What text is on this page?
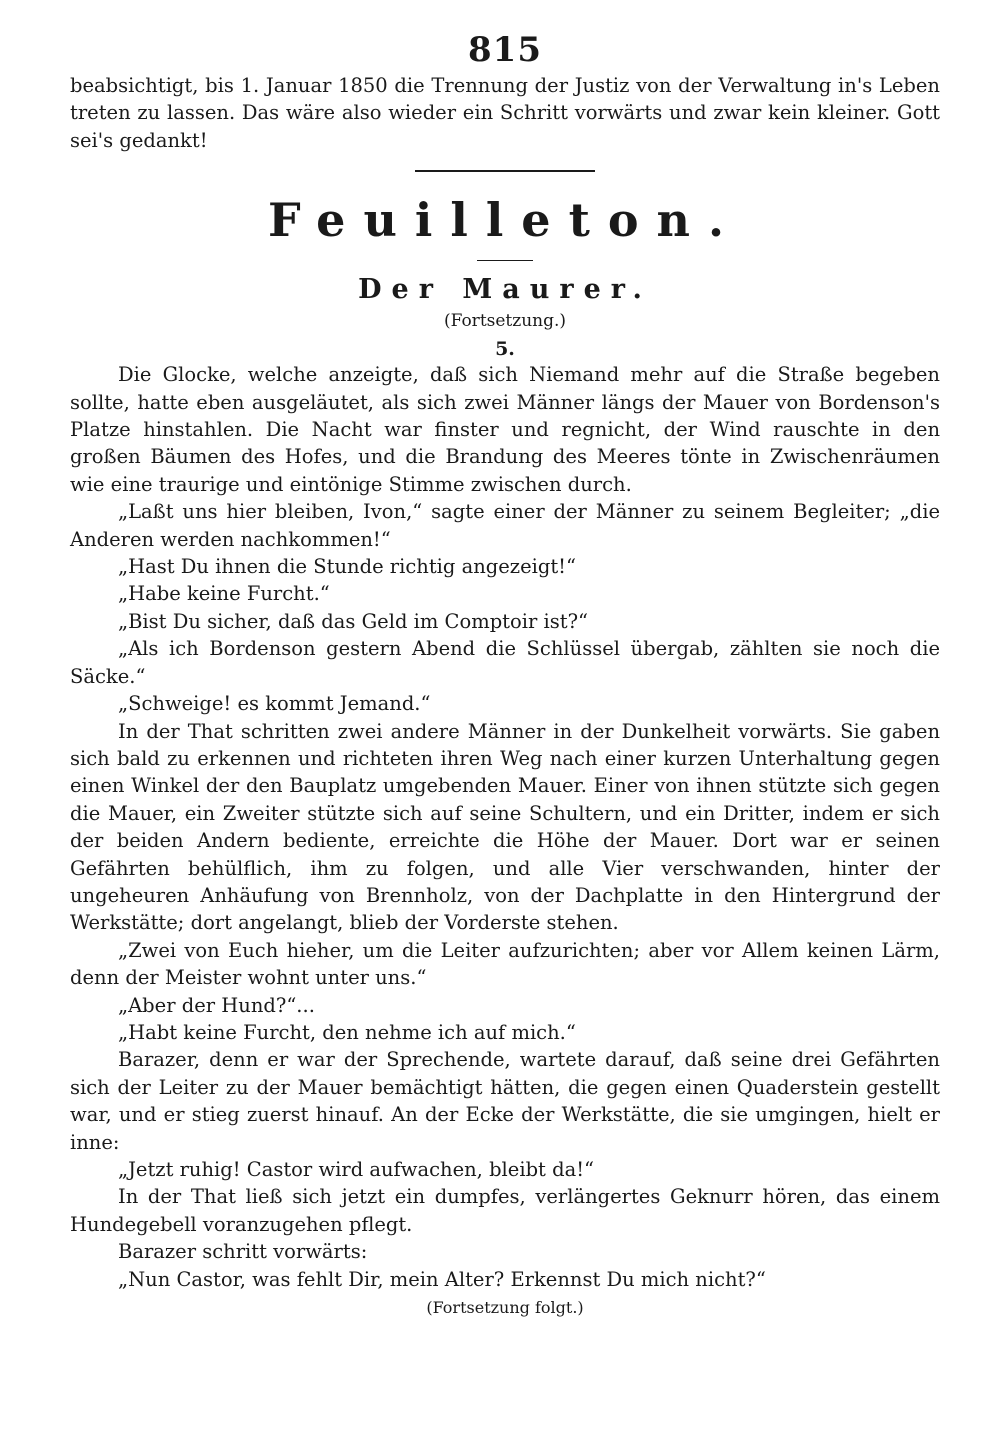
815

beabsichtigt, bis 1. Januar 1850 die Trennung der Justiz von der Verwaltung in's Leben treten zu lassen. Das wäre also wieder ein Schritt vorwärts und zwar kein kleiner. Gott sei's gedankt!

Feuilleton.
Der Maurer.
(Fortsetzung.)
5.

Die Glocke, welche anzeigte, daß sich Niemand mehr auf die Straße begeben sollte, hatte eben ausgeläutet, als sich zwei Männer längs der Mauer von Bordenson's Platze hinstahlen. Die Nacht war finster und regnicht, der Wind rauschte in den großen Bäumen des Hofes, und die Brandung des Meeres tönte in Zwischenräumen wie eine traurige und eintönige Stimme zwischen durch.

„Laßt uns hier bleiben, Ivon,“ sagte einer der Männer zu seinem Begleiter; „die Anderen werden nachkommen!“

„Hast Du ihnen die Stunde richtig angezeigt!“

„Habe keine Furcht.“

„Bist Du sicher, daß das Geld im Comptoir ist?“

„Als ich Bordenson gestern Abend die Schlüssel übergab, zählten sie noch die Säcke.“

„Schweige! es kommt Jemand.“

In der That schritten zwei andere Männer in der Dunkelheit vorwärts. Sie gaben sich bald zu erkennen und richteten ihren Weg nach einer kurzen Unterhaltung gegen einen Winkel der den Bauplatz umgebenden Mauer. Einer von ihnen stützte sich gegen die Mauer, ein Zweiter stützte sich auf seine Schultern, und ein Dritter, indem er sich der beiden Andern bediente, erreichte die Höhe der Mauer. Dort war er seinen Gefährten behülflich, ihm zu folgen, und alle Vier verschwanden, hinter der ungeheuren Anhäufung von Brennholz, von der Dachplatte in den Hintergrund der Werkstätte; dort angelangt, blieb der Vorderste stehen.

„Zwei von Euch hieher, um die Leiter aufzurichten; aber vor Allem keinen Lärm, denn der Meister wohnt unter uns.“

„Aber der Hund?“...

„Habt keine Furcht, den nehme ich auf mich.“

Barazer, denn er war der Sprechende, wartete darauf, daß seine drei Gefährten sich der Leiter zu der Mauer bemächtigt hätten, die gegen einen Quaderstein gestellt war, und er stieg zuerst hinauf. An der Ecke der Werkstätte, die sie umgingen, hielt er inne:

„Jetzt ruhig! Castor wird aufwachen, bleibt da!“

In der That ließ sich jetzt ein dumpfes, verlängertes Geknurr hören, das einem Hundegebell voranzugehen pflegt.

Barazer schritt vorwärts:

„Nun Castor, was fehlt Dir, mein Alter? Erkennst Du mich nicht?“

(Fortsetzung folgt.)
